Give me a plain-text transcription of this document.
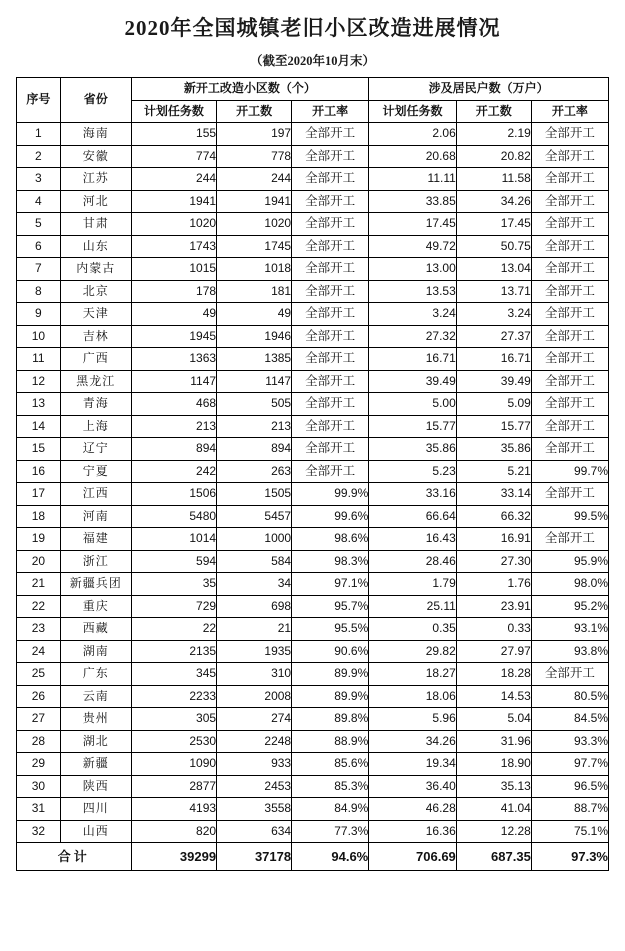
2020年全国城镇老旧小区改造进展情况
（截至2020年10月末）
序号	省份	新开工改造小区数（个）			涉及居民户数（万户）		
		计划任务数	开工数	开工率	计划任务数	开工数	开工率
1	海南	155	197	全部开工	2.06	2.19	全部开工
2	安徽	774	778	全部开工	20.68	20.82	全部开工
3	江苏	244	244	全部开工	11.11	11.58	全部开工
4	河北	1941	1941	全部开工	33.85	34.26	全部开工
5	甘肃	1020	1020	全部开工	17.45	17.45	全部开工
6	山东	1743	1745	全部开工	49.72	50.75	全部开工
7	内蒙古	1015	1018	全部开工	13.00	13.04	全部开工
8	北京	178	181	全部开工	13.53	13.71	全部开工
9	天津	49	49	全部开工	3.24	3.24	全部开工
10	吉林	1945	1946	全部开工	27.32	27.37	全部开工
11	广西	1363	1385	全部开工	16.71	16.71	全部开工
12	黑龙江	1147	1147	全部开工	39.49	39.49	全部开工
13	青海	468	505	全部开工	5.00	5.09	全部开工
14	上海	213	213	全部开工	15.77	15.77	全部开工
15	辽宁	894	894	全部开工	35.86	35.86	全部开工
16	宁夏	242	263	全部开工	5.23	5.21	99.7%
17	江西	1506	1505	99.9%	33.16	33.14	全部开工
18	河南	5480	5457	99.6%	66.64	66.32	99.5%
19	福建	1014	1000	98.6%	16.43	16.91	全部开工
20	浙江	594	584	98.3%	28.46	27.30	95.9%
21	新疆兵团	35	34	97.1%	1.79	1.76	98.0%
22	重庆	729	698	95.7%	25.11	23.91	95.2%
23	西藏	22	21	95.5%	0.35	0.33	93.1%
24	湖南	2135	1935	90.6%	29.82	27.97	93.8%
25	广东	345	310	89.9%	18.27	18.28	全部开工
26	云南	2233	2008	89.9%	18.06	14.53	80.5%
27	贵州	305	274	89.8%	5.96	5.04	84.5%
28	湖北	2530	2248	88.9%	34.26	31.96	93.3%
29	新疆	1090	933	85.6%	19.34	18.90	97.7%
30	陕西	2877	2453	85.3%	36.40	35.13	96.5%
31	四川	4193	3558	84.9%	46.28	41.04	88.7%
32	山西	820	634	77.3%	16.36	12.28	75.1%
合计		39299	37178	94.6%	706.69	687.35	97.3%
